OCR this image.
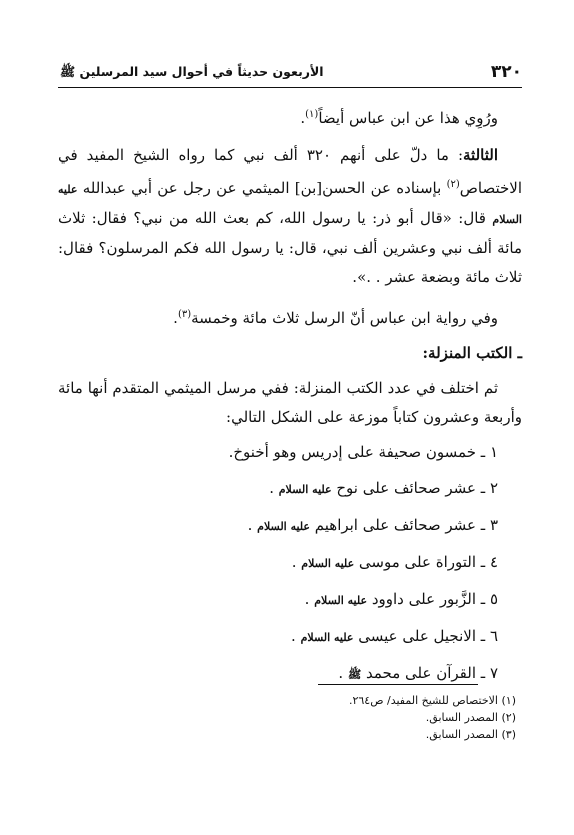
٣٢٠
الأربعون حديثاً في أحوال سيد المرسلين ﷺ

ورُوِي هذا عن ابن عباس أيضاً$^{(١)}$.

الثالثة: ما دلّ على أنهم ٣٢٠ ألف نبي كما رواه الشيخ المفيد في الاختصاص$^{(٢)}$ بإسناده عن الحسن[بن] الميثمي عن رجل عن أبي عبدالله عليه السلام قال: «قال أبو ذر: يا رسول الله، كم بعث الله من نبي؟ فقال: ثلاث مائة ألف نبي وعشرين ألف نبي، قال: يا رسول الله فكم المرسلون؟ فقال: ثلاث مائة وبضعة عشر . .».

وفي رواية ابن عباس أنّ الرسل ثلاث مائة وخمسة$^{(٣)}$.

ـ الكتب المنزلة:

ثم اختلف في عدد الكتب المنزلة: ففي مرسل الميثمي المتقدم أنها مائة وأربعة وعشرون كتاباً موزعة على الشكل التالي:

١ ـ خمسون صحيفة على إدريس وهو أخنوخ.
٢ ـ عشر صحائف على نوح عليه السلام .
٣ ـ عشر صحائف على ابراهيم عليه السلام .
٤ ـ التوراة على موسى عليه السلام .
٥ ـ الزَّبور على داوود عليه السلام .
٦ ـ الانجيل على عيسى عليه السلام .
٧ ـ القرآن على محمد ﷺ .
(١) الاختصاص للشيخ المفيد/ ص٢٦٤.
(٢) المصدر السابق.
(٣) المصدر السابق.
